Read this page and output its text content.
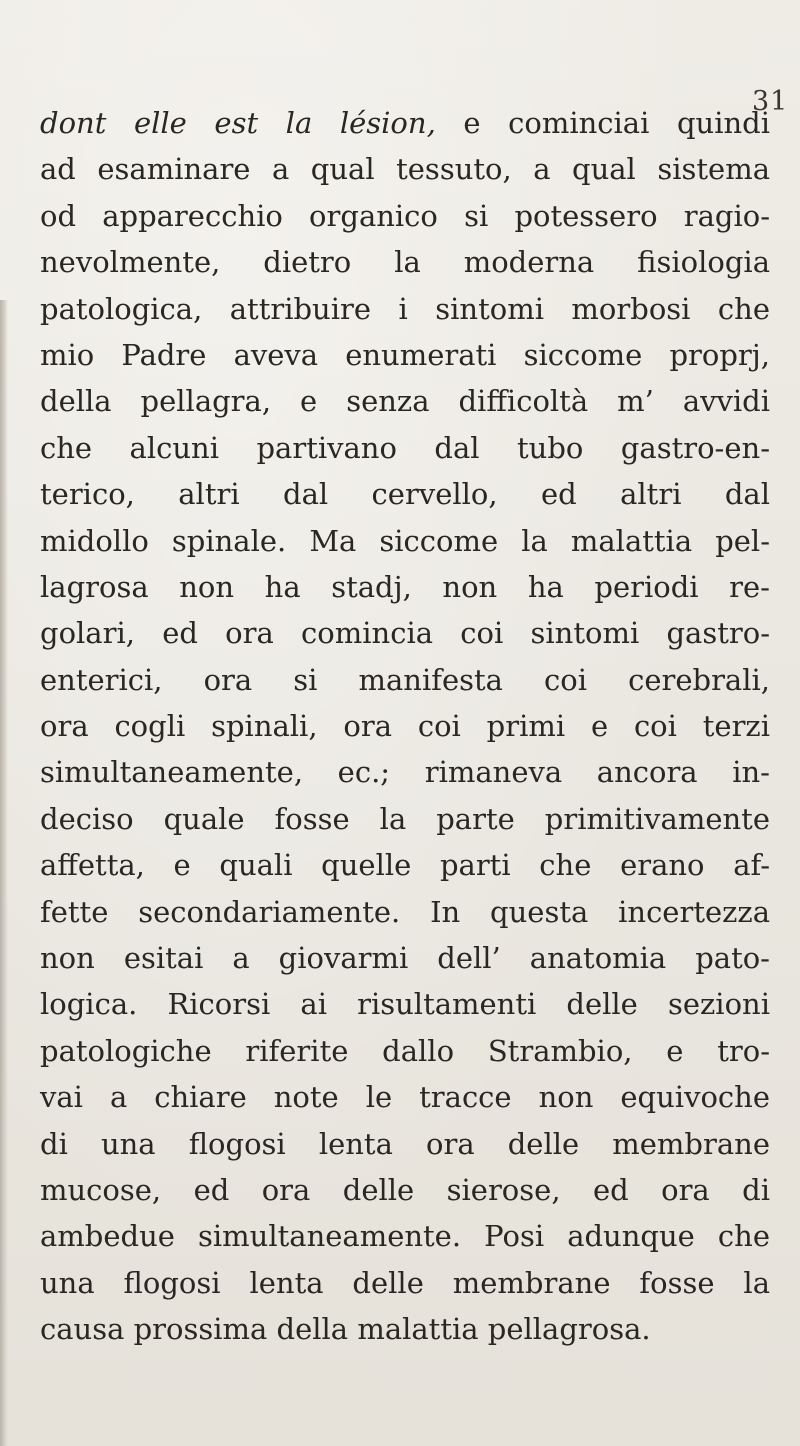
31
dont elle est la lésion, e cominciai quindi
ad esaminare a qual tessuto, a qual sistema
od apparecchio organico si potessero ragio-
nevolmente, dietro la moderna fisiologia
patologica, attribuire i sintomi morbosi che
mio Padre aveva enumerati siccome proprj,
della pellagra, e senza difficoltà m’ avvidi
che alcuni partivano dal tubo gastro-en-
terico, altri dal cervello, ed altri dal
midollo spinale. Ma siccome la malattia pel-
lagrosa non ha stadj, non ha periodi re-
golari, ed ora comincia coi sintomi gastro-
enterici, ora si manifesta coi cerebrali,
ora cogli spinali, ora coi primi e coi terzi
simultaneamente, ec.; rimaneva ancora in-
deciso quale fosse la parte primitivamente
affetta, e quali quelle parti che erano af-
fette secondariamente. In questa incertezza
non esitai a giovarmi dell’ anatomia pato-
logica. Ricorsi ai risultamenti delle sezioni
patologiche riferite dallo Strambio, e tro-
vai a chiare note le tracce non equivoche
di una flogosi lenta ora delle membrane
mucose, ed ora delle sierose, ed ora di
ambedue simultaneamente. Posi adunque che
una flogosi lenta delle membrane fosse la
causa prossima della malattia pellagrosa.
